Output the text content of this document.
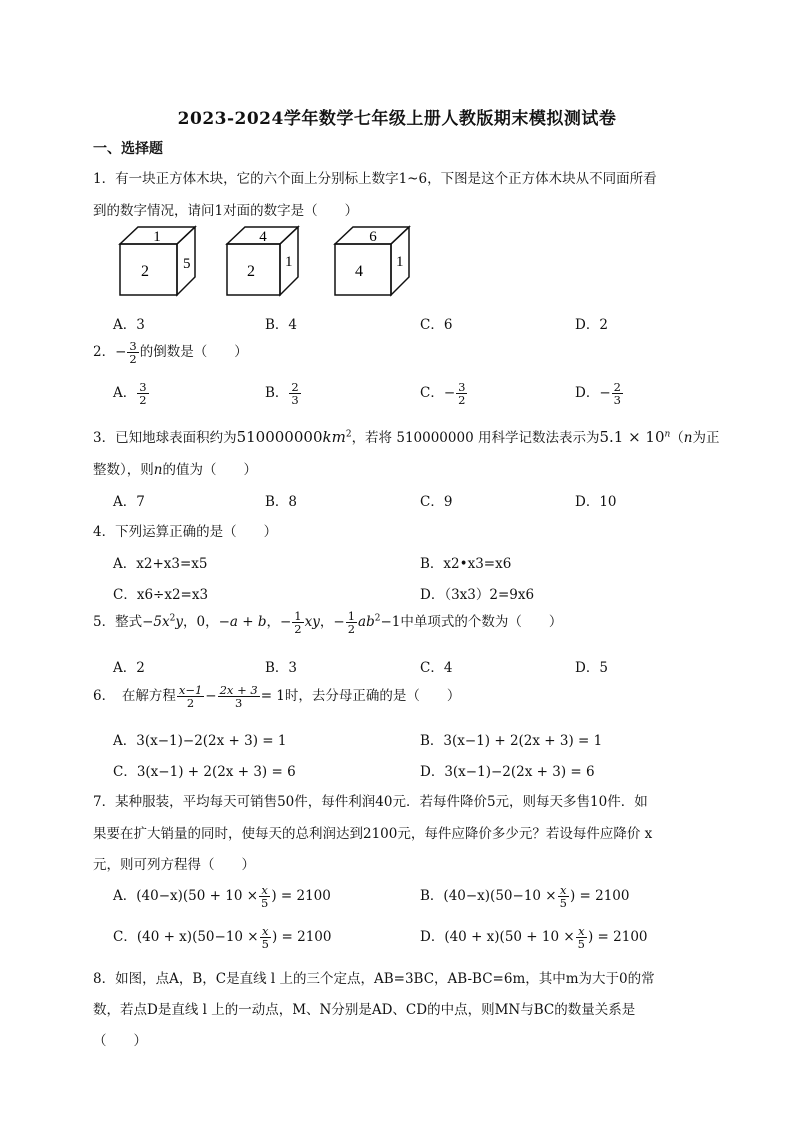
2023-2024学年数学七年级上册人教版期末模拟测试卷
一、选择题
1．有一块正方体木块，它的六个面上分别标上数字1~6，下图是这个正方体木块从不同面所看
到的数字情况，请问1对面的数字是（　　）
1
2 5
4
2
1
6
4
1
A．3	B．4	C．6	D．2
2．− $\frac{3}{2}$ 的倒数是（　　）
A． $\frac{3}{2}$	B． $\frac{2}{3}$	C．− $\frac{3}{2}$	D．− $\frac{2}{3}$
3．已知地球表面积约为$510000000km^2$，若将 510000000 用科学记数法表示为$5.1 \times 10^n(n$为正
整数），则n的值为（　　）
A．7	B．8	C．9	D．10
4．下列运算正确的是（　　）
A．x2+x3=x5	B．x2•x3=x6
C．x6÷x2=x3	D．（3x3）2=9x6
5．整式$-5x^2y$，0，−a + b，− $\frac{1}{2}$ xy，− $\frac{1}{2} ab^2-1$中单项式的个数为（　　）
A．2	B．3	C．4	D．5
6．　在解方程 $\frac{x-1}{2} - \frac{2x + 3}{3} = 1$时，去分母正确的是（　　）
A．3(x−1)−2(2x + 3) = 1	B．3(x−1) + 2(2x + 3) = 1
C．3(x−1) + 2(2x + 3) = 6	D．3(x−1)−2(2x + 3) = 6
7．某种服装，平均每天可销售50件，每件利润40元．若每件降价5元，则每天多售10件．如
果要在扩大销量的同时，使每天的总利润达到2100元，每件应降价多少元？若设每件应降价 x
元，则可列方程得（　　）
A．$(40-x)(50 + 10 \times \frac{x}{5}$ ) = 2100	B．$(40-x)(50-10 \times \frac{x}{5}$ ) = 2100
C．$(40 + x)(50-10 \times \frac{x}{5}$ ) = 2100	D．$(40 + x)(50 + 10 \times \frac{x}{5}$ ) = 2100
8．如图，点A，B，C是直线 l 上的三个定点，AB=3BC，AB-BC=6m，其中m为大于0的常
数，若点D是直线 l 上的一动点，M、N分别是AD、CD的中点，则MN与BC的数量关系是
（　　）
